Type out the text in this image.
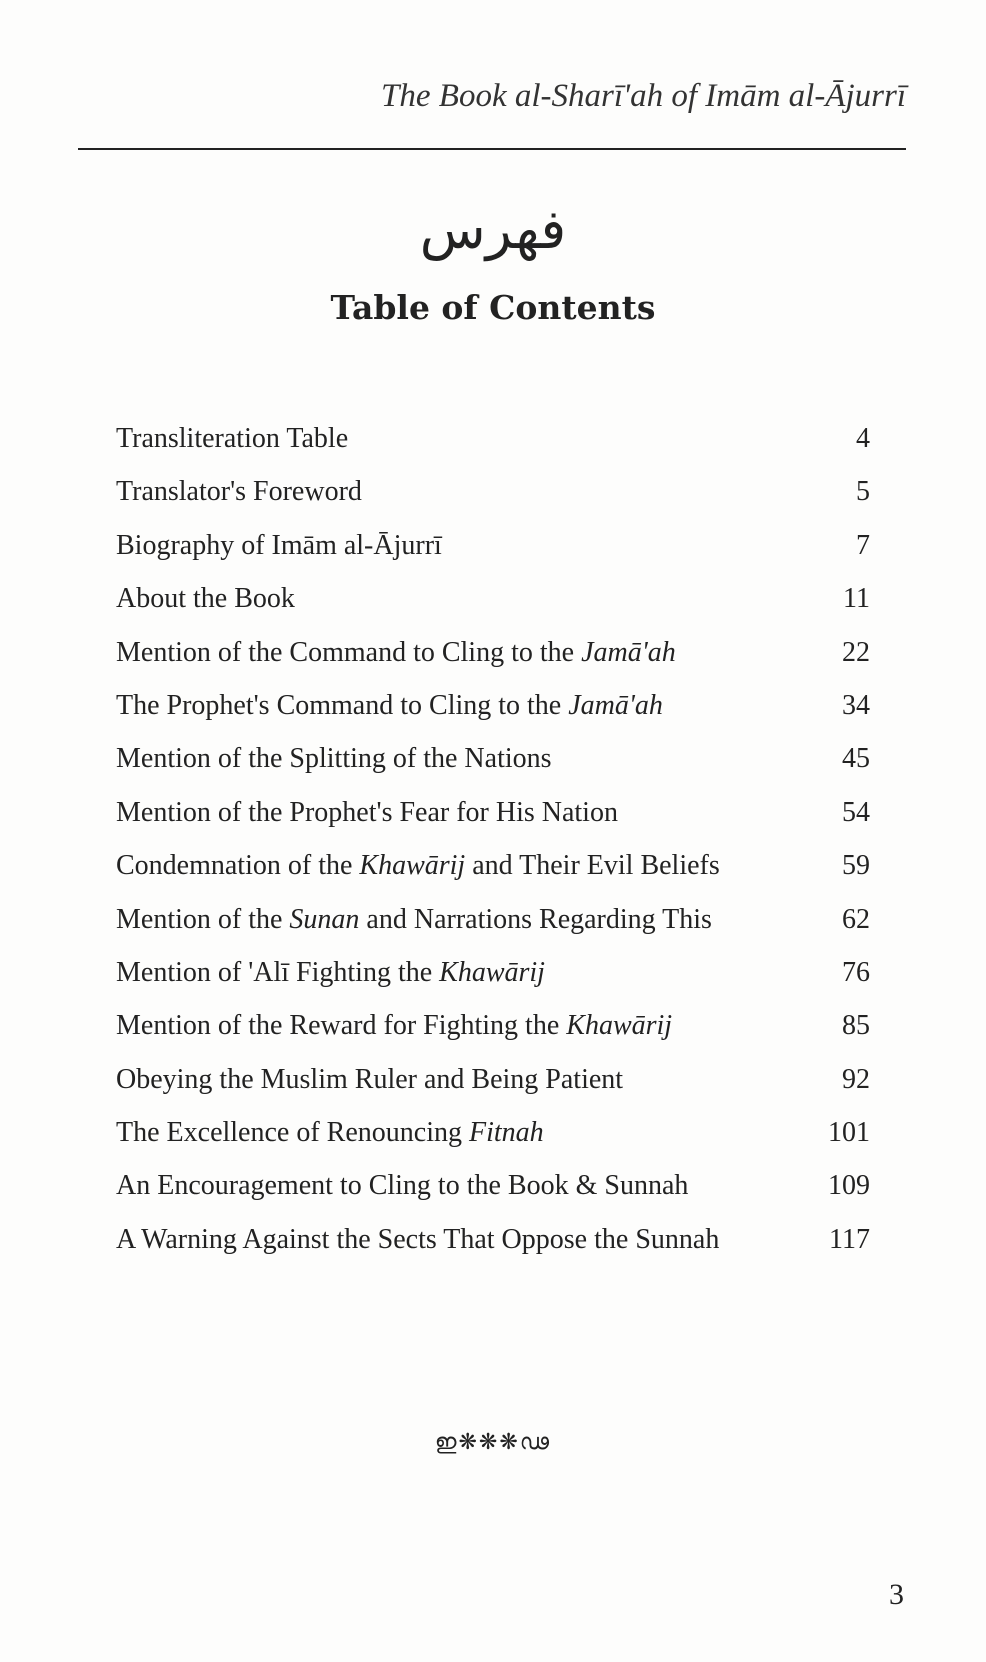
The Book al-Sharī'ah of Imām al-Ājurrī
فهرس
Table of Contents
Transliteration Table	4
Translator's Foreword	5
Biography of Imām al-Ājurrī	7
About the Book	11
Mention of the Command to Cling to the Jamā'ah	22
The Prophet's Command to Cling to the Jamā'ah	34
Mention of the Splitting of the Nations	45
Mention of the Prophet's Fear for His Nation	54
Condemnation of the Khawārij and Their Evil Beliefs	59
Mention of the Sunan and Narrations Regarding This	62
Mention of 'Alī Fighting the Khawārij	76
Mention of the Reward for Fighting the Khawārij	85
Obeying the Muslim Ruler and Being Patient	92
The Excellence of Renouncing Fitnah	101
An Encouragement to Cling to the Book & Sunnah	109
A Warning Against the Sects That Oppose the Sunnah	117
ഇ❋❋❋ഢ
3
